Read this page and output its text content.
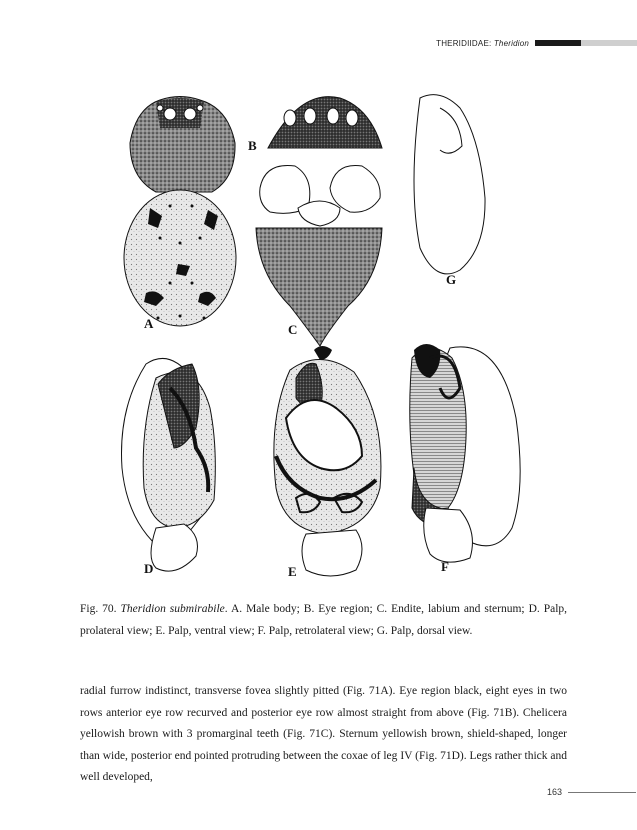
THERIDIIDAE: Theridion
A
B
C
G
D	E	F
Fig. 70. Theridion submirabile. A. Male body; B. Eye region; C. Endite, labium and sternum; D. Palp, prolateral view; E. Palp, ventral view; F. Palp, retrolateral view; G. Palp, dorsal view.

radial furrow indistinct, transverse fovea slightly pitted (Fig. 71A). Eye region black, eight eyes in two rows anterior eye row recurved and posterior eye row almost straight from above (Fig. 71B). Chelicera yellowish brown with 3 promarginal teeth (Fig. 71C). Sternum yellowish brown, shield-shaped, longer than wide, posterior end pointed protruding between the coxae of leg IV (Fig. 71D). Legs rather thick and well developed,

163
